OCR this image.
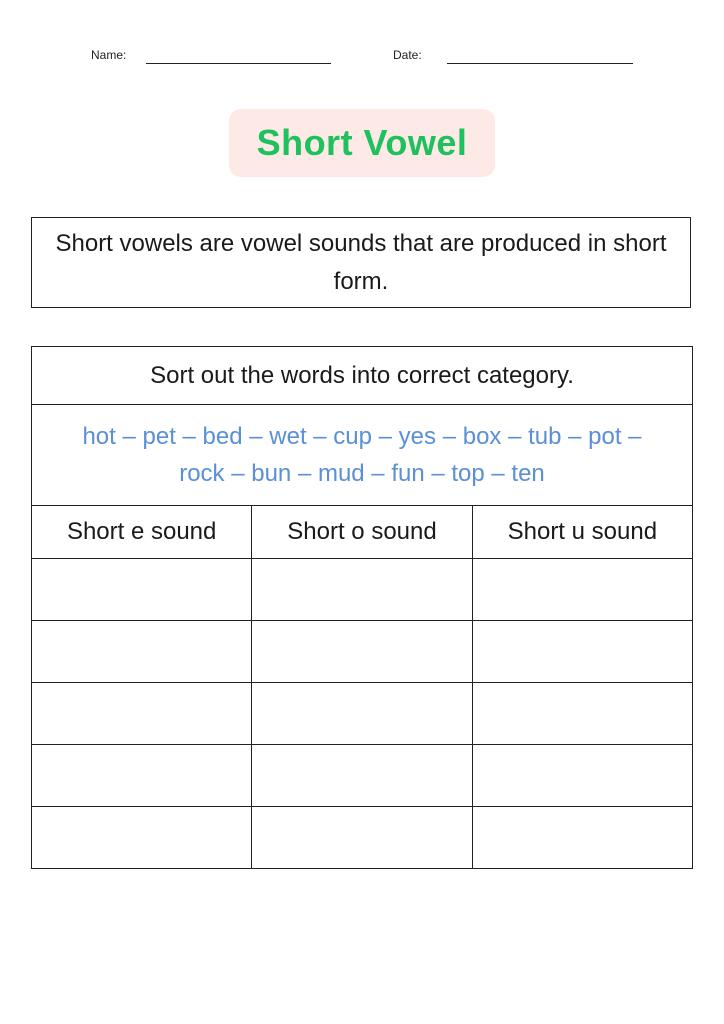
Name:	Date:
Short Vowel
Short vowels are vowel sounds that are produced in short form.
Sort out the words into correct category.		

hot – pet – bed – wet – cup – yes – box – tub – pot –
rock – bun – mud – fun – top – ten		

Short e sound	Short o sound	Short u sound
